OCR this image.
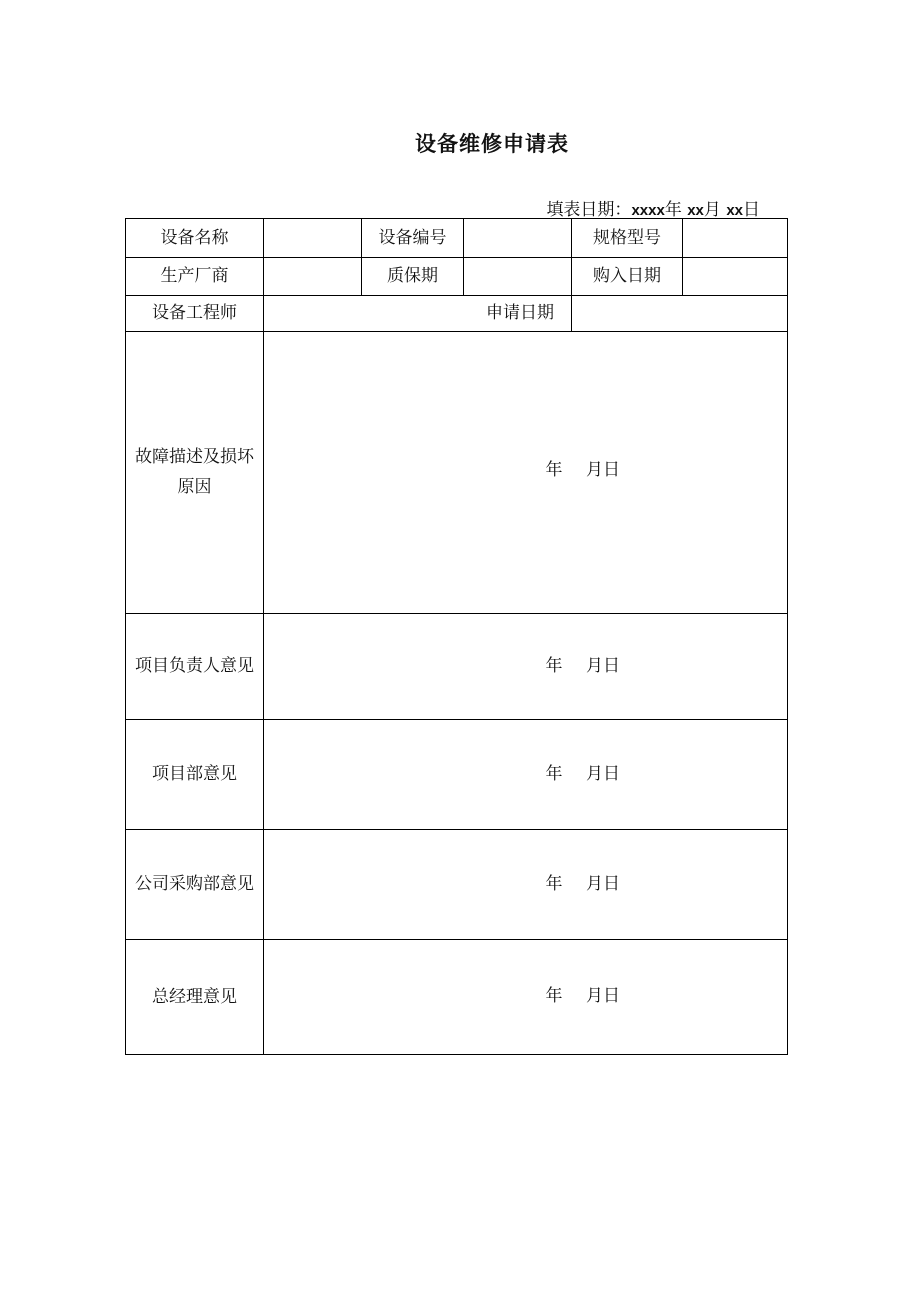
设备维修申请表
填表日期：xxxx年 xx月 xx日
设备名称		设备编号		规格型号	
生产厂商		质保期		购入日期	
设备工程师	申请日期				
故障描述及损坏原因	年 月日				

项目负责人意见	年 月日				

项目部意见	年 月日				

公司采购部意见	年 月日				

总经理意见	年 月日				
